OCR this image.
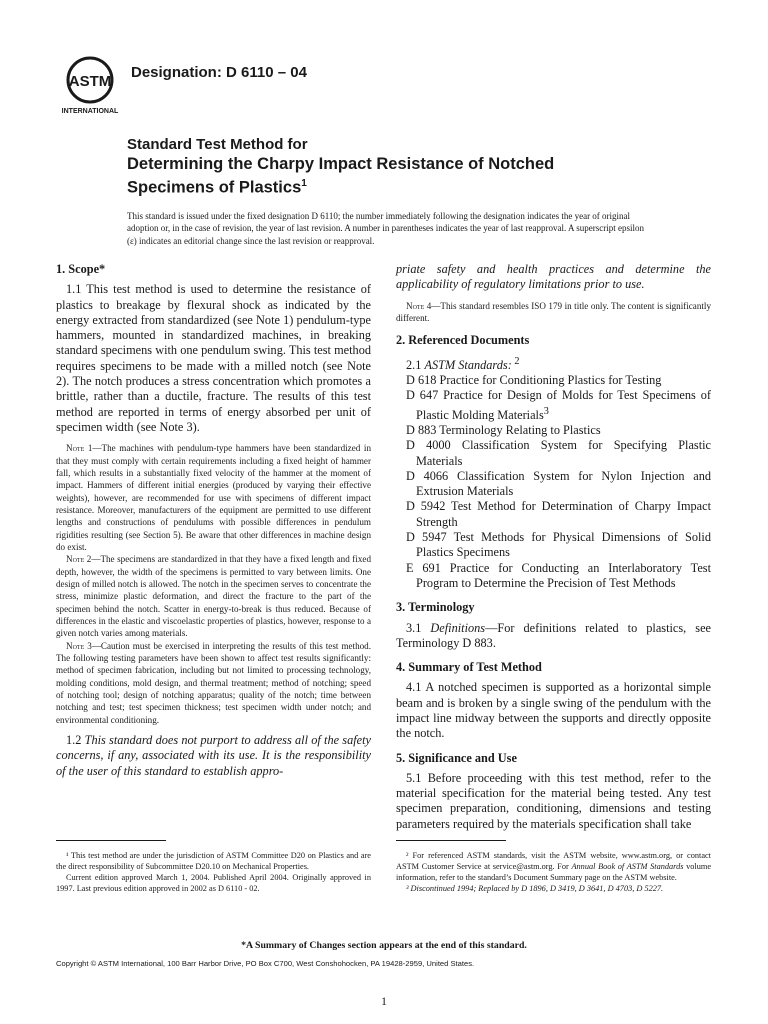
ASTM
INTERNATIONAL
Designation: D 6110 – 04
Standard Test Method for
Determining the Charpy Impact Resistance of Notched
Specimens of Plastics$^1$
This standard is issued under the fixed designation D 6110; the number immediately following the designation indicates the year of original adoption or, in the case of revision, the year of last revision. A number in parentheses indicates the year of last reapproval. A superscript epsilon (ε) indicates an editorial change since the last revision or reapproval.
1. Scope*

1.1 This test method is used to determine the resistance of plastics to breakage by flexural shock as indicated by the energy extracted from standardized (see Note 1) pendulum-type hammers, mounted in standardized machines, in breaking standard specimens with one pendulum swing. This test method requires specimens to be made with a milled notch (see Note 2). The notch produces a stress concentration which promotes a brittle, rather than a ductile, fracture. The results of this test method are reported in terms of energy absorbed per unit of specimen width (see Note 3).

Note 1—The machines with pendulum-type hammers have been standardized in that they must comply with certain requirements including a fixed height of hammer fall, which results in a substantially fixed velocity of the hammer at the moment of impact. Hammers of different initial energies (produced by varying their effective weights), however, are recommended for use with specimens of different impact resistance. Moreover, manufacturers of the equipment are permitted to use different lengths and constructions of pendulums with possible differences in pendulum rigidities resulting (see Section 5). Be aware that other differences in machine design do exist.

Note 2—The specimens are standardized in that they have a fixed length and fixed depth, however, the width of the specimens is permitted to vary between limits. One design of milled notch is allowed. The notch in the specimen serves to concentrate the stress, minimize plastic deformation, and direct the fracture to the part of the specimen behind the notch. Scatter in energy-to-break is thus reduced. Because of differences in the elastic and viscoelastic properties of plastics, however, response to a given notch varies among materials.

Note 3—Caution must be exercised in interpreting the results of this test method. The following testing parameters have been shown to affect test results significantly: method of specimen fabrication, including but not limited to processing technology, molding conditions, mold design, and thermal treatment; method of notching; speed of notching tool; design of notching apparatus; quality of the notch; time between notching and test; test specimen thickness; test specimen width under notch; and environmental conditioning.

1.2 This standard does not purport to address all of the safety concerns, if any, associated with its use. It is the responsibility of the user of this standard to establish appro-

priate safety and health practices and determine the applicability of regulatory limitations prior to use.

Note 4—This standard resembles ISO 179 in title only. The content is significantly different.

2. Referenced Documents

2.1 ASTM Standards: $^2$

D 618 Practice for Conditioning Plastics for Testing

D 647 Practice for Design of Molds for Test Specimens of Plastic Molding Materials$^3$

D 883 Terminology Relating to Plastics

D 4000 Classification System for Specifying Plastic Materials

D 4066 Classification System for Nylon Injection and Extrusion Materials

D 5942 Test Method for Determination of Charpy Impact Strength

D 5947 Test Methods for Physical Dimensions of Solid Plastics Specimens

E 691 Practice for Conducting an Interlaboratory Test Program to Determine the Precision of Test Methods

3. Terminology

3.1 Definitions—For definitions related to plastics, see Terminology D 883.

4. Summary of Test Method

4.1 A notched specimen is supported as a horizontal simple beam and is broken by a single swing of the pendulum with the impact line midway between the supports and directly opposite the notch.

5. Significance and Use

5.1 Before proceeding with this test method, refer to the material specification for the material being tested. Any test specimen preparation, conditioning, dimensions and testing parameters required by the materials specification shall take

¹ This test method are under the jurisdiction of ASTM Committee D20 on Plastics and are the direct responsibility of Subcommittee D20.10 on Mechanical Properties.

Current edition approved March 1, 2004. Published April 2004. Originally approved in 1997. Last previous edition approved in 2002 as D 6110 - 02.

² For referenced ASTM standards, visit the ASTM website, www.astm.org, or contact ASTM Customer Service at service@astm.org. For Annual Book of ASTM Standards volume information, refer to the standard’s Document Summary page on the ASTM website.

³ Discontinued 1994; Replaced by D 1896, D 3419, D 3641, D 4703, D 5227.

*A Summary of Changes section appears at the end of this standard.
Copyright © ASTM International, 100 Barr Harbor Drive, PO Box C700, West Conshohocken, PA 19428-2959, United States.
1
